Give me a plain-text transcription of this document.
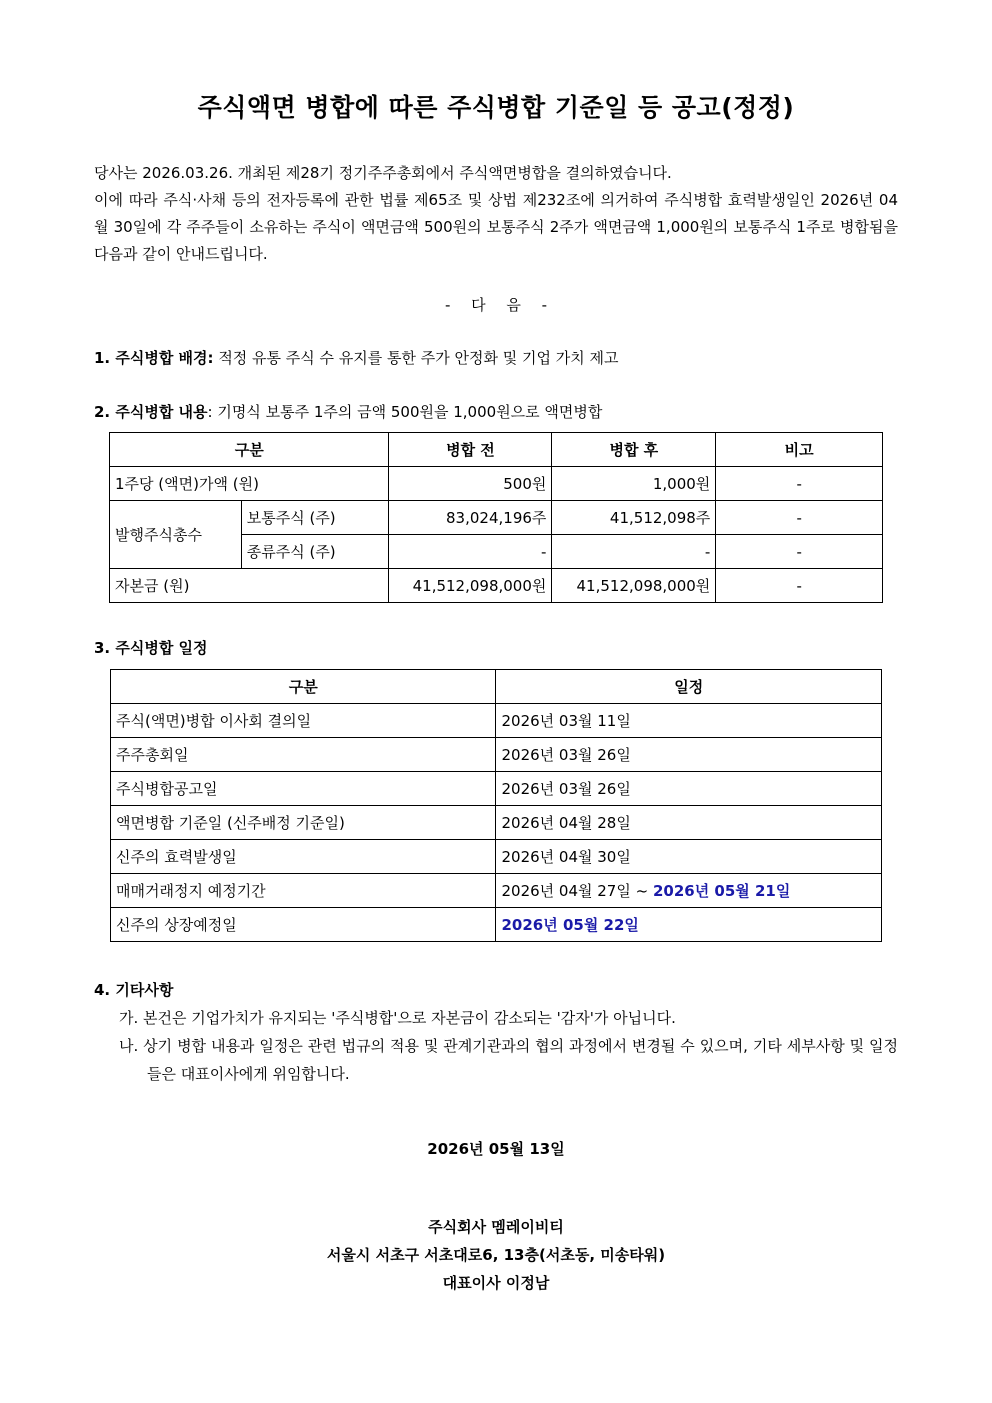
주식액면 병합에 따른 주식병합 기준일 등 공고(정정)

당사는 2026.03.26. 개최된 제28기 정기주주총회에서 주식액면병합을 결의하였습니다.

이에 따라 주식·사채 등의 전자등록에 관한 법률 제65조 및 상법 제232조에 의거하여 주식병합 효력발생일인 2026년 04월 30일에 각 주주들이 소유하는 주식이 액면금액 500원의 보통주식 2주가 액면금액 1,000원의 보통주식 1주로 병합됨을 다음과 같이 안내드립니다.

- 다 음 -
1. 주식병합 배경: 적정 유통 주식 수 유지를 통한 주가 안정화 및 기업 가치 제고
2. 주식병합 내용: 기명식 보통주 1주의 금액 500원을 1,000원으로 액면병합
구분		병합 전	병합 후	비고
1주당 (액면)가액 (원)		500원	1,000원	-
발행주식총수	보통주식 (주)	83,024,196주	41,512,098주	-
	종류주식 (주)	-	-	-
자본금 (원)		41,512,098,000원	41,512,098,000원	-
3. 주식병합 일정
구분	일정
주식(액면)병합 이사회 결의일	2026년 03월 11일
주주총회일	2026년 03월 26일
주식병합공고일	2026년 03월 26일
액면병합 기준일 (신주배정 기준일)	2026년 04월 28일
신주의 효력발생일	2026년 04월 30일
매매거래정지 예정기간	2026년 04월 27일 ~ 2026년 05월 21일
신주의 상장예정일	2026년 05월 22일
4. 기타사항
가. 본건은 기업가치가 유지되는 '주식병합'으로 자본금이 감소되는 '감자'가 아닙니다.
나. 상기 병합 내용과 일정은 관련 법규의 적용 및 관계기관과의 협의 과정에서 변경될 수 있으며, 기타 세부사항 및 일정들은 대표이사에게 위임합니다.
2026년 05월 13일
주식회사 멤레이비티
서울시 서초구 서초대로6, 13층(서초동, 미송타워)
대표이사 이정남
